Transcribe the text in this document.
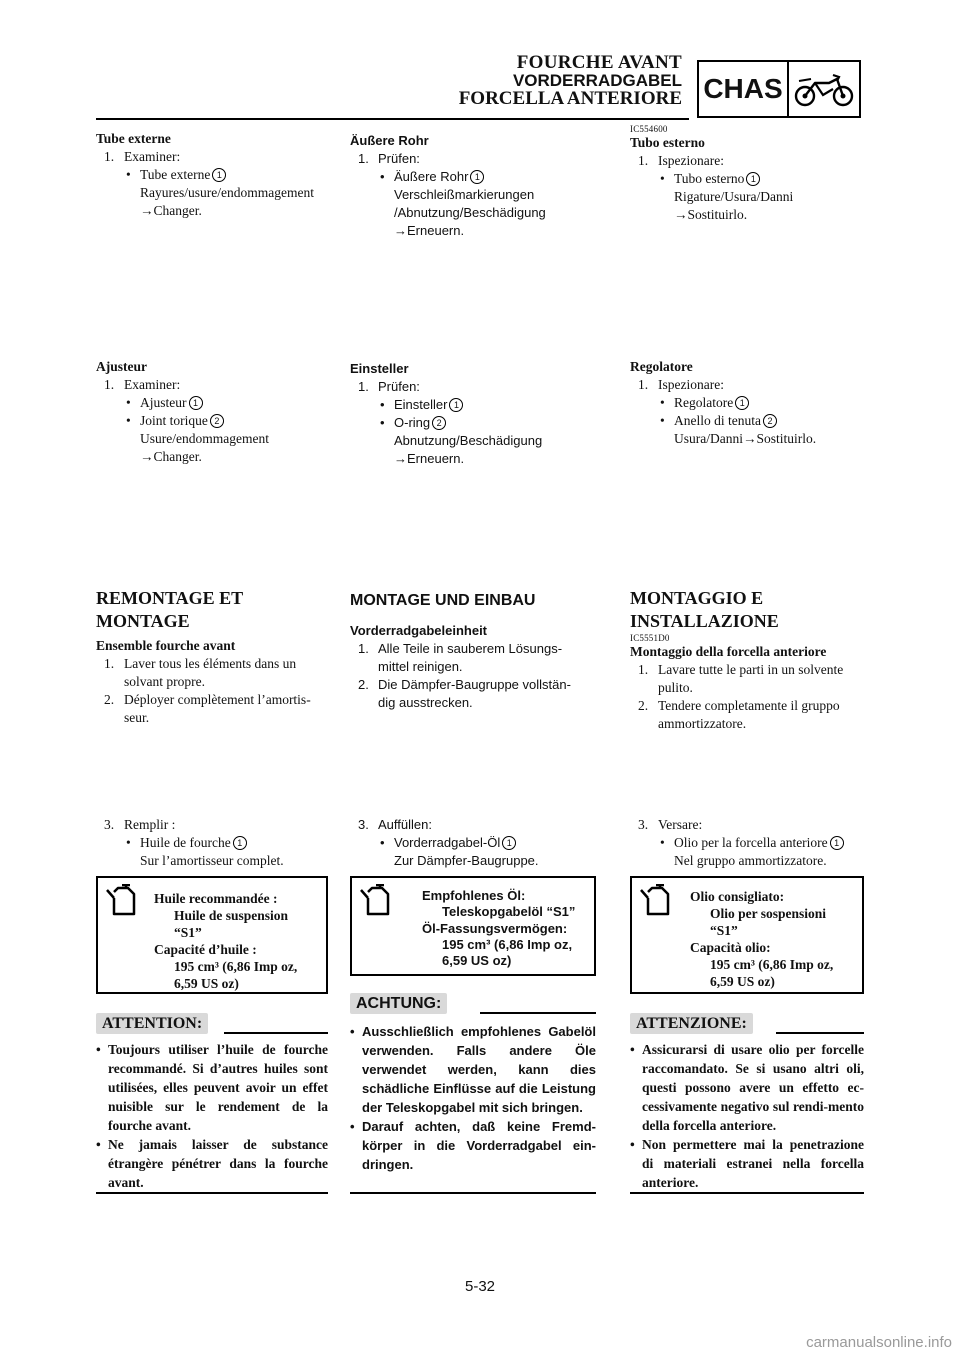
FOURCHE AVANT
VORDERRADGABEL
FORCELLA ANTERIORE CHAS
Tube externe
1. Examiner:
• Tube externe 1
Rayures/usure/endommagement
→Changer.
Ajusteur
1. Examiner:
• Ajusteur 1
• Joint torique 2
Usure/endommagement
→Changer.
REMONTAGE ET
MONTAGE
Ensemble fourche avant
1. Laver tous les éléments dans un
solvant propre.
2. Déployer complètement l’amortis-
seur.
3. Remplir :
• Huile de fourche 1
Sur l’amortisseur complet.
Huile recommandée :
Huile de suspension
“S1”
Capacité d’huile :
195 cm³ (6,86 Imp oz,
6,59 US oz)
ATTENTION:
• Toujours utiliser l’huile de fourche recommandé. Si d’autres huiles sont utilisées, elles peuvent avoir un effet nuisible sur le rendement de la fourche avant.
• Ne jamais laisser de substance étrangère pénétrer dans la fourche avant.
Äußere Rohr
1. Prüfen:
• Äußere Rohr 1
Verschleißmarkierungen
/Abnutzung/Beschädigung
→Erneuern.
Einsteller
1. Prüfen:
• Einsteller 1
• O-ring 2
Abnutzung/Beschädigung
→Erneuern.
MONTAGE UND EINBAU
Vorderradgabeleinheit
1. Alle Teile in sauberem Lösungs-
mittel reinigen.
2. Die Dämpfer-Baugruppe vollstän-
dig ausstrecken.
3. Auffüllen:
• Vorderradgabel-Öl 1
Zur Dämpfer-Baugruppe.
Empfohlenes Öl:
Teleskopgabelöl “S1”
Öl-Fassungsvermögen:
195 cm³ (6,86 Imp oz,
6,59 US oz)
ACHTUNG:
• Ausschließlich empfohlenes Gabelöl verwenden. Falls andere Öle verwendet werden, kann dies schädliche Einflüsse auf die Leistung der Teleskopgabel mit sich bringen.
• Darauf achten, daß keine Fremd-körper in die Vorderradgabel ein-dringen.
IC554600
Tubo esterno
1. Ispezionare:
• Tubo esterno 1
Rigature/Usura/Danni
→Sostituirlo.
Regolatore
1. Ispezionare:
• Regolatore 1
• Anello di tenuta 2
Usura/Danni→Sostituirlo.
MONTAGGIO E
INSTALLAZIONE
IC5551D0
Montaggio della forcella anteriore
1. Lavare tutte le parti in un solvente
pulito.
2. Tendere completamente il gruppo
ammortizzatore.
3. Versare:
• Olio per la forcella anteriore 1
Nel gruppo ammortizzatore.
Olio consigliato:
Olio per sospensioni
“S1”
Capacità olio:
195 cm³ (6,86 Imp oz,
6,59 US oz)
ATTENZIONE:
• Assicurarsi di usare olio per forcelle raccomandato. Se si usano altri oli, questi possono avere un effetto ec-cessivamente negativo sul rendi-mento della forcella anteriore.
• Non permettere mai la penetrazione di materiali estranei nella forcella anteriore.
5-32
carmanualsonline.info
